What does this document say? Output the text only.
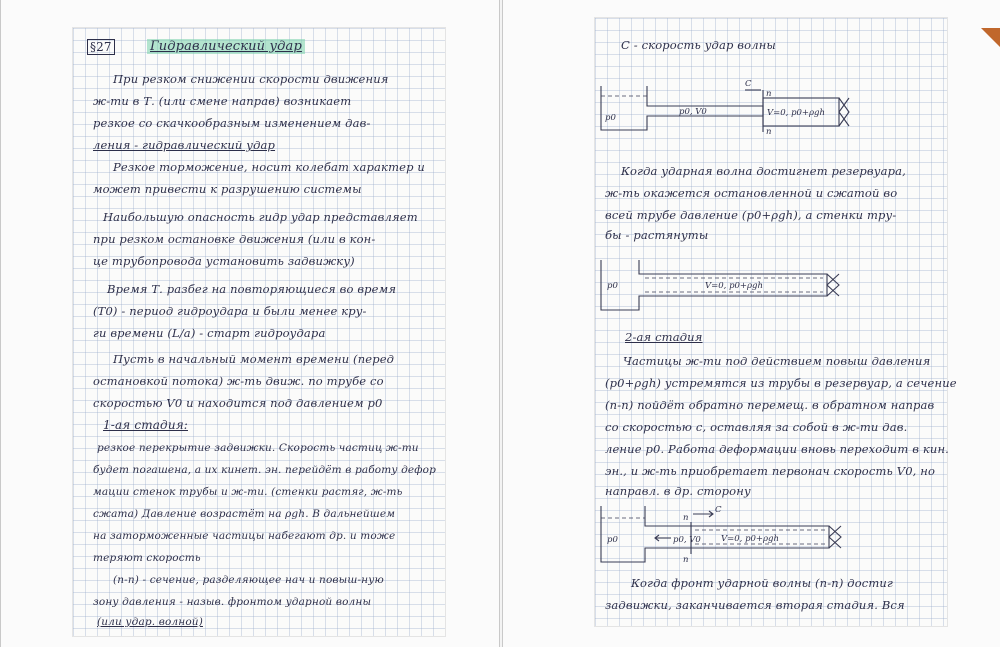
§27	Гидравлический удар
При резком снижении скорости движения
ж-ти в Т. (или смене направ) возникает
резкое со скачкообразным изменением дав-
ления - гидравлический удар
Резкое торможение, носит колебат характер и
может привести к разрушению системы
Наибольшую опасность гидр удар представляет
при резком остановке движения (или в кон-
це трубопровода установить задвижку)
Время Т. разбег на повторяющиеся во время
(T0) - период гидроудара и были менее кру-
ги времени (L/a) - старт гидроудара
Пусть в начальный момент времени (перед
остановкой потока) ж-ть движ. по трубе со
скоростью V0 и находится под давлением p0
1-ая стадия:
резкое перекрытие задвижки. Скорость частиц ж-ти
будет погашена, а их кинет. эн. перейдёт в работу дефор
мации стенок трубы и ж-ти. (стенки растяг, ж-ть
сжата) Давление возрастёт на ρgh. В дальнейшем
на заторможенные частицы набегают др. и тоже
теряют скорость
(n-n) - сечение, разделяющее нач и повыш-ную
зону давления - назыв. фронтом ударной волны
(или удар. волной)
С - скорость удар волны
p0
p0, V0	V=0, p0+ρgh
C
n
n
Когда ударная волна достигнет резервуара,
ж-ть окажется остановленной и сжатой во
всей трубе давление (p0+ρgh), а стенки тру-
бы - растянуты
p0	V=0, p0+ρgh
2-ая стадия
Частицы ж-ти под действием повыш давления
(p0+ρgh) устремятся из трубы в резервуар, а сечение
(n-n) пойдёт обратно перемещ. в обратном направ
со скоростью с, оставляя за собой в ж-ти дав.
ление p0. Работа деформации вновь переходит в кин.
эн., и ж-ть приобретает первонач скорость V0, но
направл. в др. сторону
p0	p0, V0 V=0, p0+ρgh
C
n
n
Когда фронт ударной волны (n-n) достиг
задвижки, заканчивается вторая стадия. Вся
